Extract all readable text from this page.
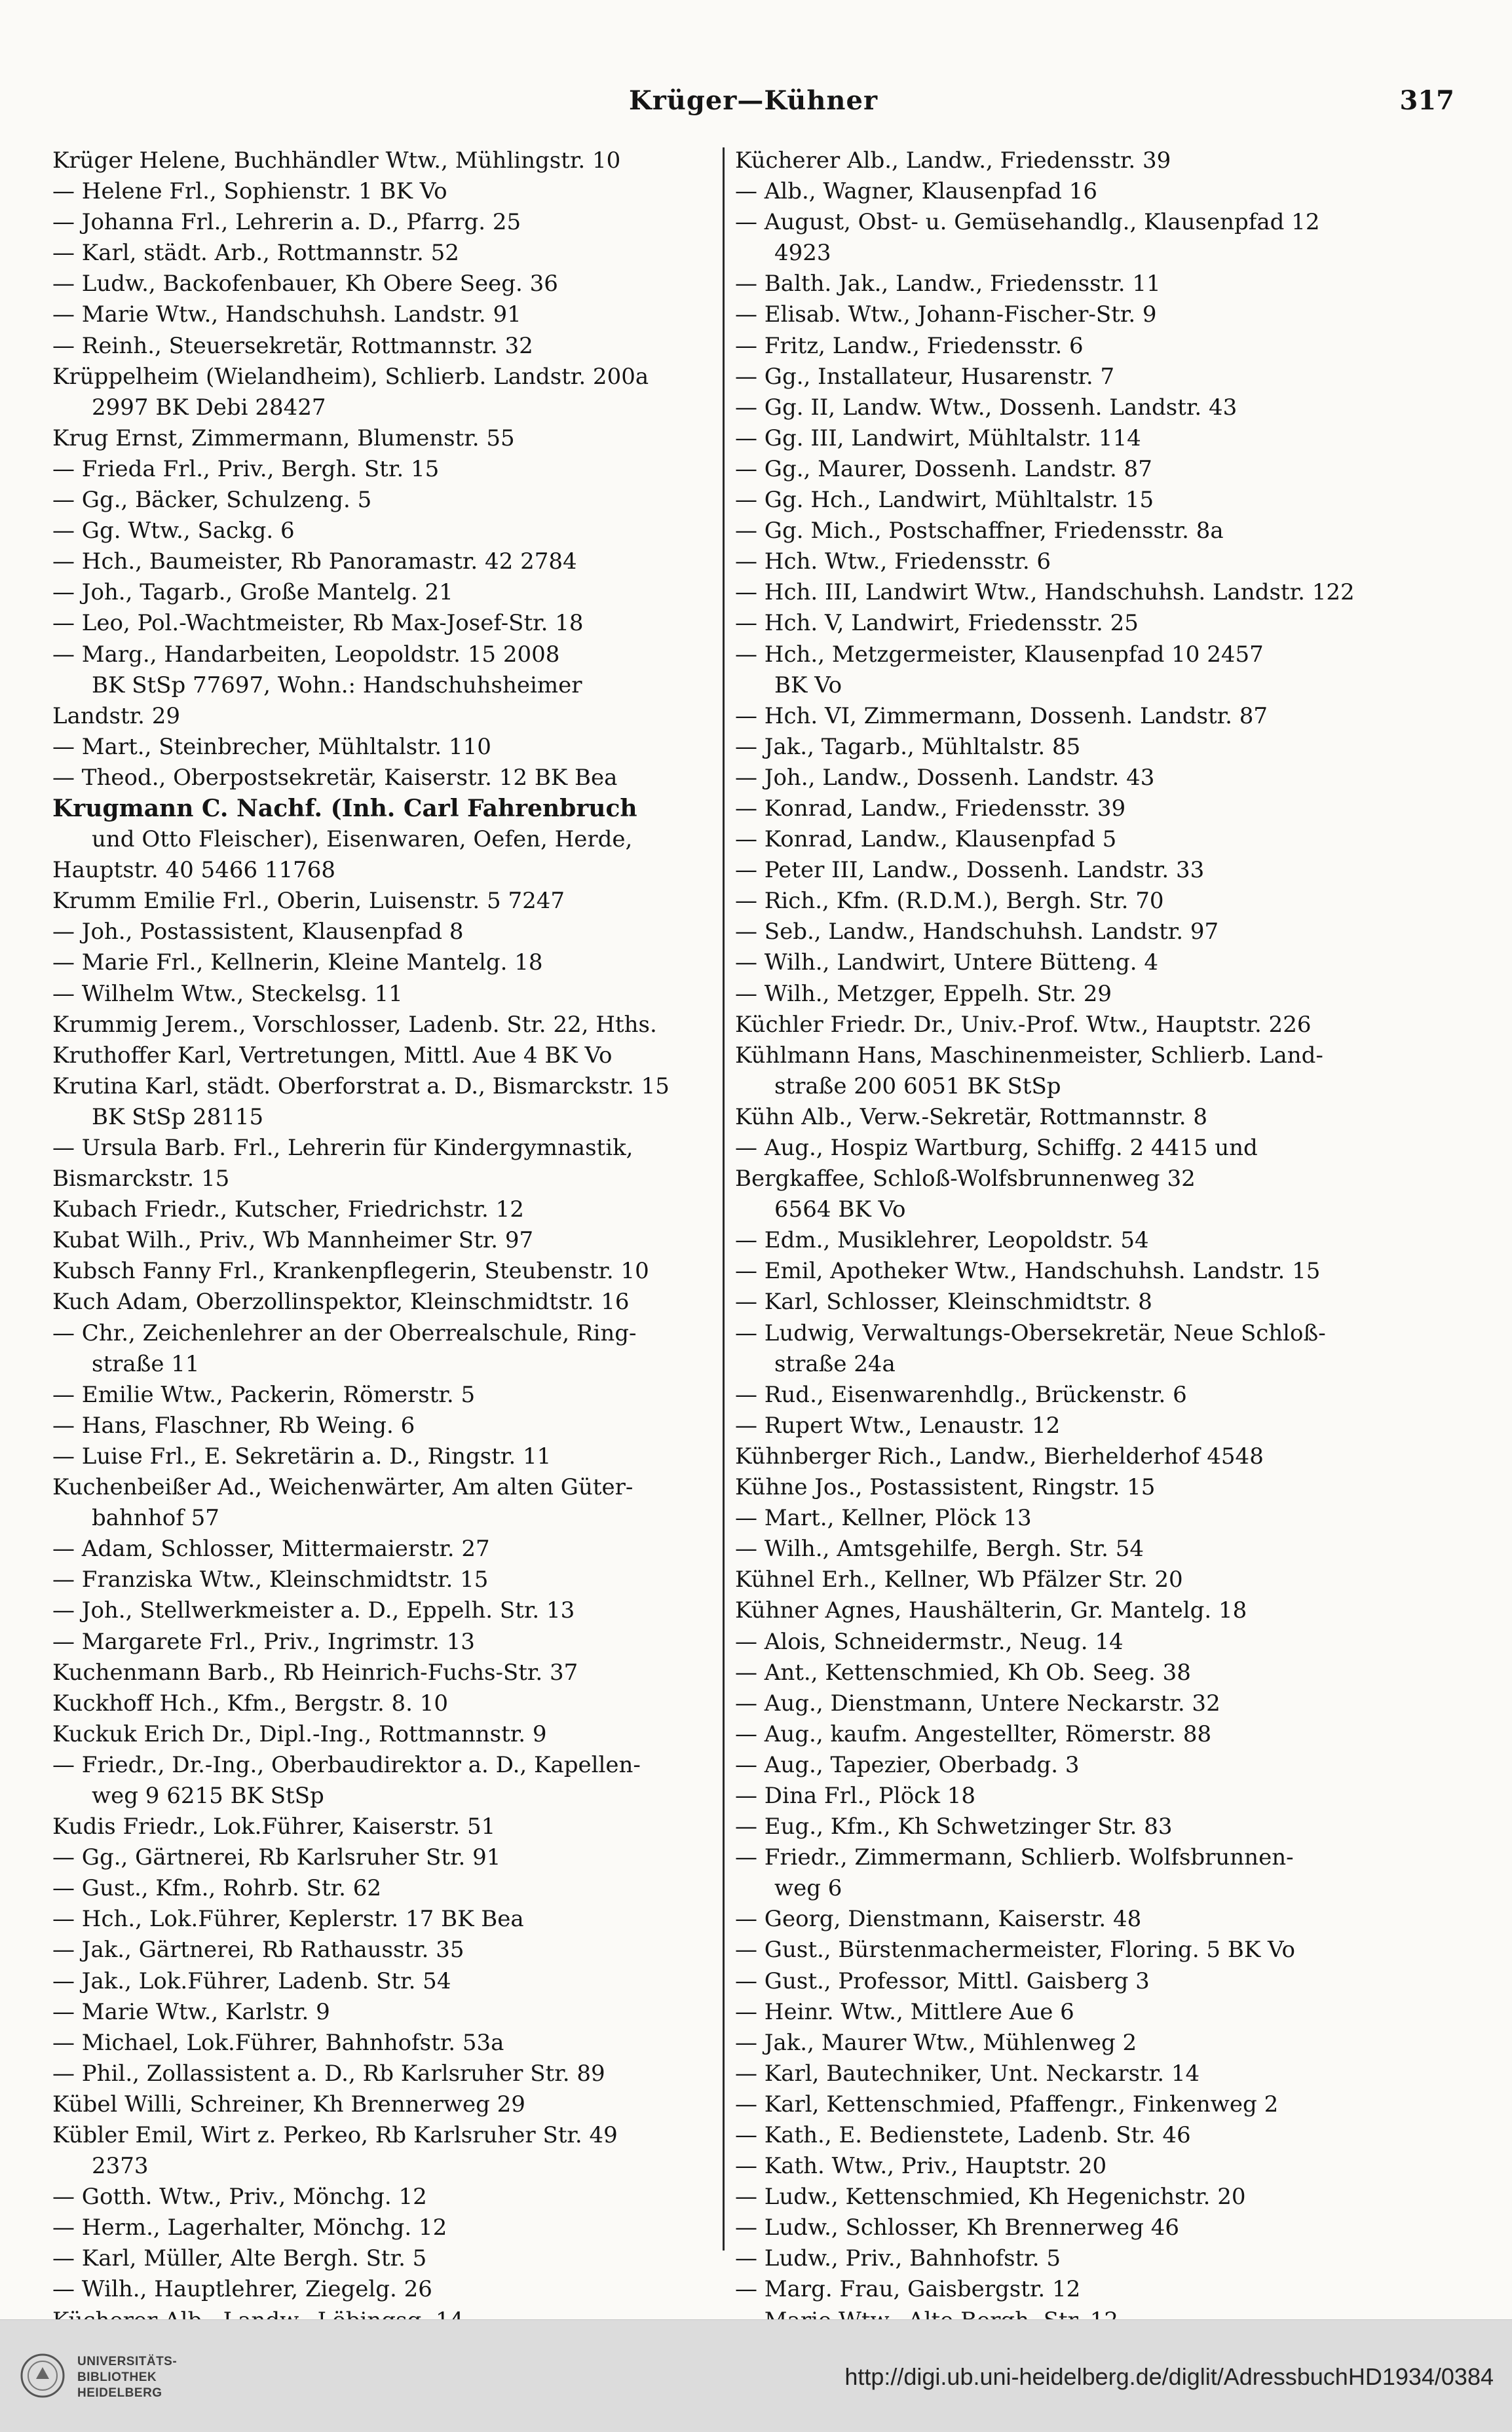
Krüger—Kühner	317
Krüger Helene, Buchhändler Wtw., Mühlingstr. 10
— Helene Frl., Sophienstr. 1 BK Vo
— Johanna Frl., Lehrerin a. D., Pfarrg. 25
— Karl, städt. Arb., Rottmannstr. 52
— Ludw., Backofenbauer, Kh Obere Seeg. 36
— Marie Wtw., Handschuhsh. Landstr. 91
— Reinh., Steuersekretär, Rottmannstr. 32
Krüppelheim (Wielandheim), Schlierb. Landstr. 200a
2997 BK Debi 28427
Krug Ernst, Zimmermann, Blumenstr. 55
— Frieda Frl., Priv., Bergh. Str. 15
— Gg., Bäcker, Schulzeng. 5
— Gg. Wtw., Sackg. 6
— Hch., Baumeister, Rb Panoramastr. 42 2784
— Joh., Tagarb., Große Mantelg. 21
— Leo, Pol.-Wachtmeister, Rb Max-Josef-Str. 18
— Marg., Handarbeiten, Leopoldstr. 15 2008
BK StSp 77697, Wohn.: Handschuhsheimer
Landstr. 29
— Mart., Steinbrecher, Mühltalstr. 110
— Theod., Oberpostsekretär, Kaiserstr. 12 BK Bea
Krugmann C. Nachf. (Inh. Carl Fahrenbruch
und Otto Fleischer), Eisenwaren, Oefen, Herde,
Hauptstr. 40 5466 11768
Krumm Emilie Frl., Oberin, Luisenstr. 5 7247
— Joh., Postassistent, Klausenpfad 8
— Marie Frl., Kellnerin, Kleine Mantelg. 18
— Wilhelm Wtw., Steckelsg. 11
Krummig Jerem., Vorschlosser, Ladenb. Str. 22, Hths.
Kruthoffer Karl, Vertretungen, Mittl. Aue 4 BK Vo
Krutina Karl, städt. Oberforstrat a. D., Bismarckstr. 15
BK StSp 28115
— Ursula Barb. Frl., Lehrerin für Kindergymnastik,
Bismarckstr. 15
Kubach Friedr., Kutscher, Friedrichstr. 12
Kubat Wilh., Priv., Wb Mannheimer Str. 97
Kubsch Fanny Frl., Krankenpflegerin, Steubenstr. 10
Kuch Adam, Oberzollinspektor, Kleinschmidtstr. 16
— Chr., Zeichenlehrer an der Oberrealschule, Ring-
straße 11
— Emilie Wtw., Packerin, Römerstr. 5
— Hans, Flaschner, Rb Weing. 6
— Luise Frl., E. Sekretärin a. D., Ringstr. 11
Kuchenbeißer Ad., Weichenwärter, Am alten Güter-
bahnhof 57
— Adam, Schlosser, Mittermaierstr. 27
— Franziska Wtw., Kleinschmidtstr. 15
— Joh., Stellwerkmeister a. D., Eppelh. Str. 13
— Margarete Frl., Priv., Ingrimstr. 13
Kuchenmann Barb., Rb Heinrich-Fuchs-Str. 37
Kuckhoff Hch., Kfm., Bergstr. 8. 10
Kuckuk Erich Dr., Dipl.-Ing., Rottmannstr. 9
— Friedr., Dr.-Ing., Oberbaudirektor a. D., Kapellen-
weg 9 6215 BK StSp
Kudis Friedr., Lok.Führer, Kaiserstr. 51
— Gg., Gärtnerei, Rb Karlsruher Str. 91
— Gust., Kfm., Rohrb. Str. 62
— Hch., Lok.Führer, Keplerstr. 17 BK Bea
— Jak., Gärtnerei, Rb Rathausstr. 35
— Jak., Lok.Führer, Ladenb. Str. 54
— Marie Wtw., Karlstr. 9
— Michael, Lok.Führer, Bahnhofstr. 53a
— Phil., Zollassistent a. D., Rb Karlsruher Str. 89
Kübel Willi, Schreiner, Kh Brennerweg 29
Kübler Emil, Wirt z. Perkeo, Rb Karlsruher Str. 49
2373
— Gotth. Wtw., Priv., Mönchg. 12
— Herm., Lagerhalter, Mönchg. 12
— Karl, Müller, Alte Bergh. Str. 5
— Wilh., Hauptlehrer, Ziegelg. 26
Kücherer Alb., Landw., Friedensstr. 39
— Alb., Wagner, Klausenpfad 16
— August, Obst- u. Gemüsehandlg., Klausenpfad 12
4923
— Balth. Jak., Landw., Friedensstr. 11
— Elisab. Wtw., Johann-Fischer-Str. 9
— Fritz, Landw., Friedensstr. 6
— Gg., Installateur, Husarenstr. 7
— Gg. II, Landw. Wtw., Dossenh. Landstr. 43
— Gg. III, Landwirt, Mühltalstr. 114
— Gg., Maurer, Dossenh. Landstr. 87
— Gg. Hch., Landwirt, Mühltalstr. 15
— Gg. Mich., Postschaffner, Friedensstr. 8a
— Hch. Wtw., Friedensstr. 6
— Hch. III, Landwirt Wtw., Handschuhsh. Landstr. 122
— Hch. V, Landwirt, Friedensstr. 25
— Hch., Metzgermeister, Klausenpfad 10 2457
BK Vo
— Hch. VI, Zimmermann, Dossenh. Landstr. 87
— Jak., Tagarb., Mühltalstr. 85
— Joh., Landw., Dossenh. Landstr. 43
— Konrad, Landw., Friedensstr. 39
— Konrad, Landw., Klausenpfad 5
— Peter III, Landw., Dossenh. Landstr. 33
— Rich., Kfm. (R.D.M.), Bergh. Str. 70
— Seb., Landw., Handschuhsh. Landstr. 97
— Wilh., Landwirt, Untere Bütteng. 4
— Wilh., Metzger, Eppelh. Str. 29
Küchler Friedr. Dr., Univ.-Prof. Wtw., Hauptstr. 226
Kühlmann Hans, Maschinenmeister, Schlierb. Land-
straße 200 6051 BK StSp
Kühn Alb., Verw.-Sekretär, Rottmannstr. 8
— Aug., Hospiz Wartburg, Schiffg. 2 4415 und
Bergkaffee, Schloß-Wolfsbrunnenweg 32
6564 BK Vo
— Edm., Musiklehrer, Leopoldstr. 54
— Emil, Apotheker Wtw., Handschuhsh. Landstr. 15
— Karl, Schlosser, Kleinschmidtstr. 8
— Ludwig, Verwaltungs-Obersekretär, Neue Schloß-
straße 24a
— Rud., Eisenwarenhdlg., Brückenstr. 6
— Rupert Wtw., Lenaustr. 12
Kühnberger Rich., Landw., Bierhelderhof 4548
Kühne Jos., Postassistent, Ringstr. 15
— Mart., Kellner, Plöck 13
— Wilh., Amtsgehilfe, Bergh. Str. 54
Kühnel Erh., Kellner, Wb Pfälzer Str. 20
Kühner Agnes, Haushälterin, Gr. Mantelg. 18
— Alois, Schneidermstr., Neug. 14
— Ant., Kettenschmied, Kh Ob. Seeg. 38
— Aug., Dienstmann, Untere Neckarstr. 32
— Aug., kaufm. Angestellter, Römerstr. 88
— Aug., Tapezier, Oberbadg. 3
— Dina Frl., Plöck 18
— Eug., Kfm., Kh Schwetzinger Str. 83
— Friedr., Zimmermann, Schlierb. Wolfsbrunnen-
weg 6
— Georg, Dienstmann, Kaiserstr. 48
— Gust., Bürstenmachermeister, Floring. 5 BK Vo
— Gust., Professor, Mittl. Gaisberg 3
— Heinr. Wtw., Mittlere Aue 6
— Jak., Maurer Wtw., Mühlenweg 2
— Karl, Bautechniker, Unt. Neckarstr. 14
— Karl, Kettenschmied, Pfaffengr., Finkenweg 2
— Kath., E. Bedienstete, Ladenb. Str. 46
— Kath. Wtw., Priv., Hauptstr. 20
— Ludw., Kettenschmied, Kh Hegenichstr. 20
— Ludw., Schlosser, Kh Brennerweg 46
— Ludw., Priv., Bahnhofstr. 5
— Marg. Frau, Gaisbergstr. 12
UNIVERSITÄTS-
BIBLIOTHEK
HEIDELBERG
http://digi.ub.uni-heidelberg.de/diglit/AdressbuchHD1934/0384
